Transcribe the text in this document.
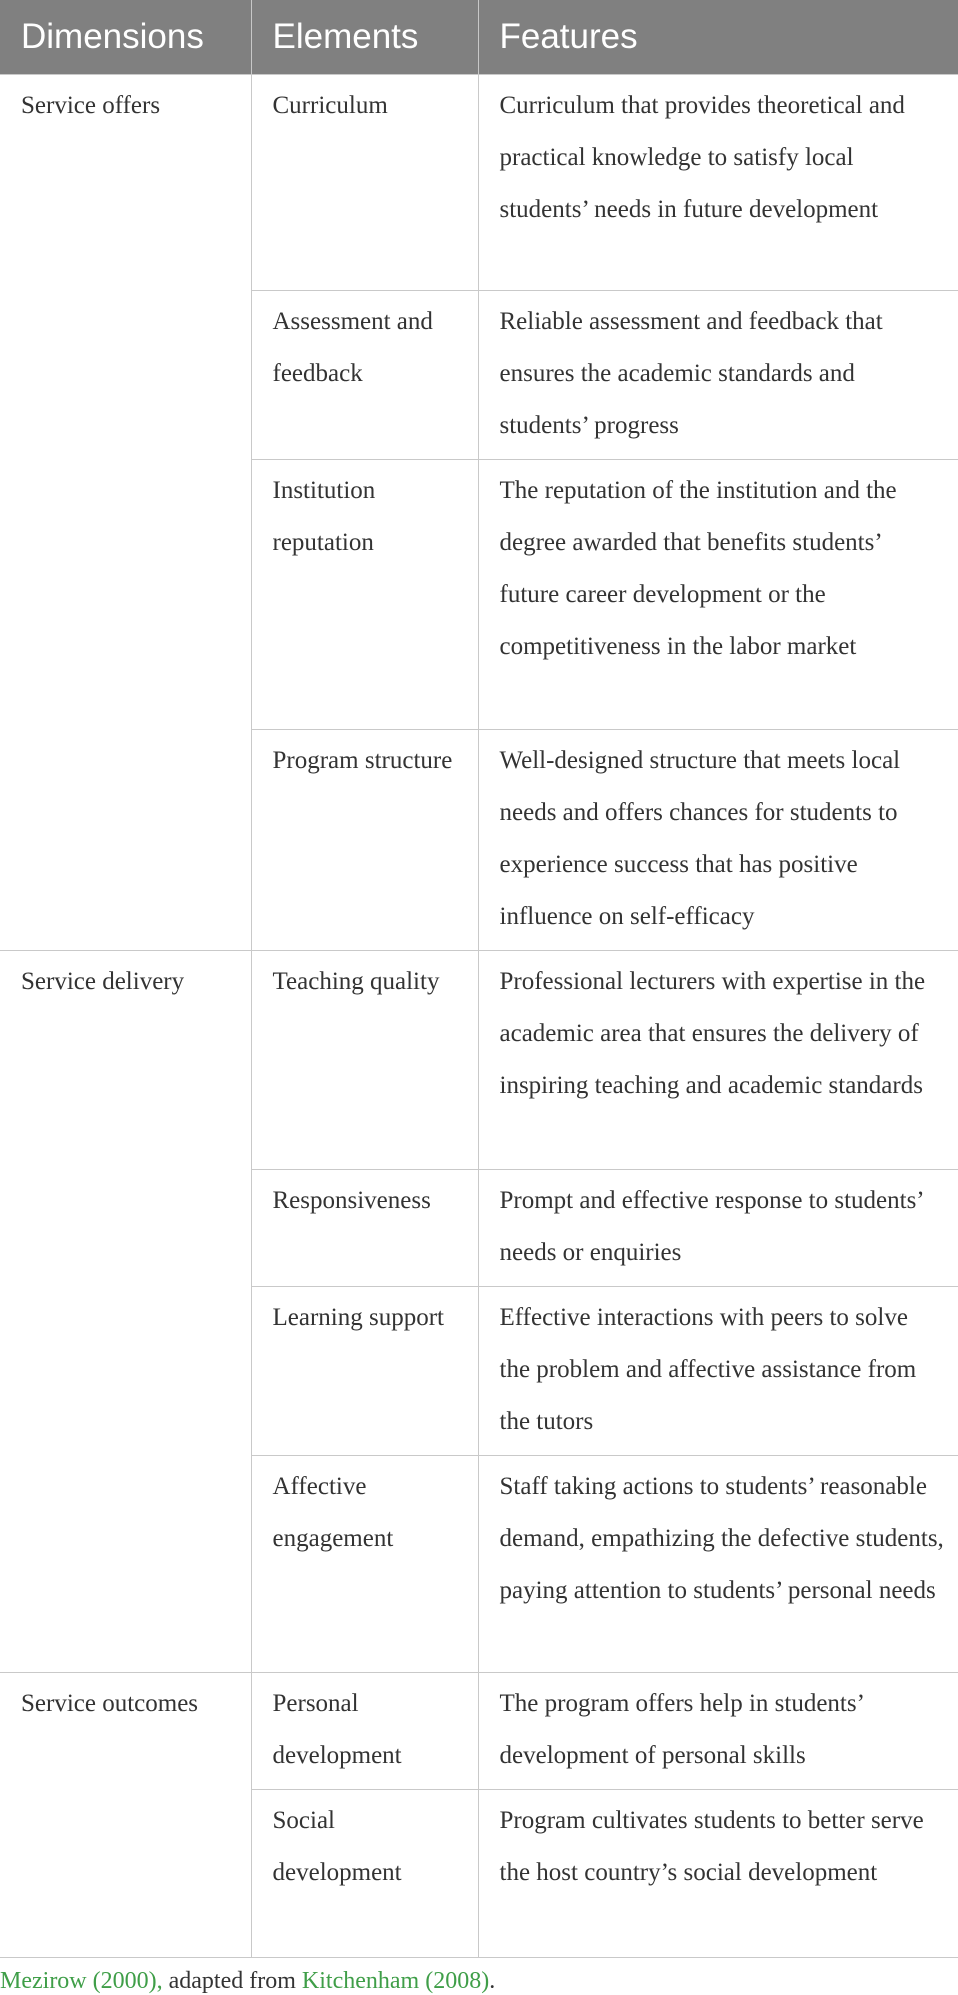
Dimensions	Elements	Features
Service offers	Curriculum	Curriculum that provides theoretical and practical knowledge to satisfy local students’ needs in future development
	Assessment and feedback	Reliable assessment and feedback that ensures the academic standards and students’ progress
	Institution reputation	The reputation of the institution and the degree awarded that benefits students’ future career development or the competitiveness in the labor market
	Program structure	Well-designed structure that meets local needs and offers chances for students to experience success that has positive influence on self-efficacy
Service delivery	Teaching quality	Professional lecturers with expertise in the academic area that ensures the delivery of inspiring teaching and academic standards
	Responsiveness	Prompt and effective response to students’ needs or enquiries
	Learning support	Effective interactions with peers to solve the problem and affective assistance from the tutors
	Affective engagement	Staff taking actions to students’ reasonable demand, empathizing the defective students, paying attention to students’ personal needs
Service outcomes	Personal development	The program offers help in students’ development of personal skills
	Social development	Program cultivates students to better serve the host country’s social development
Mezirow (2000), adapted from Kitchenham (2008).
